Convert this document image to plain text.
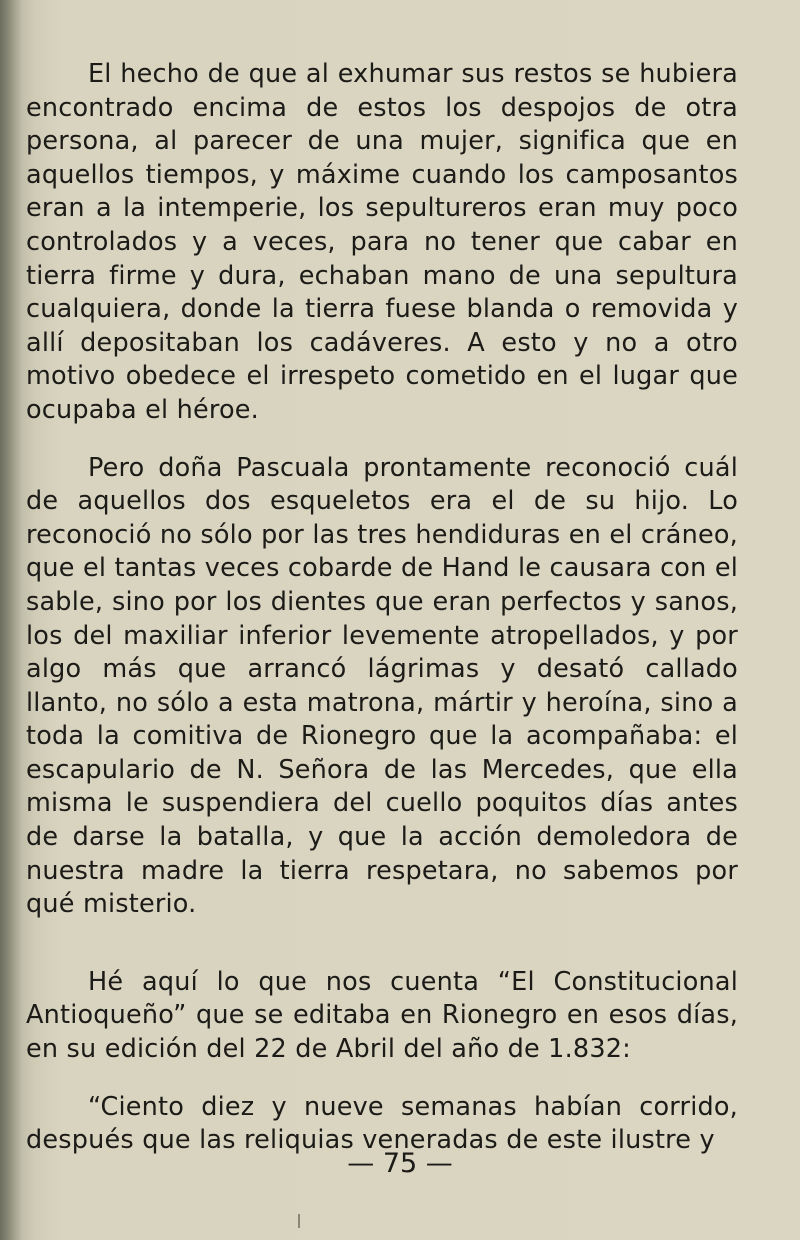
El hecho de que al exhumar sus restos se hubiera encontrado encima de estos los despojos de otra persona, al parecer de una mujer, significa que en aquellos tiempos, y máxime cuando los camposantos eran a la intemperie, los sepultureros eran muy poco controlados y a veces, para no tener que cabar en tierra firme y dura, echaban mano de una sepultura cualquiera, donde la tierra fuese blanda o removida y allí depositaban los cadáveres. A esto y no a otro motivo obedece el irrespeto cometido en el lugar que ocupaba el héroe.

Pero doña Pascuala prontamente reconoció cuál de aquellos dos esqueletos era el de su hijo. Lo reconoció no sólo por las tres hendiduras en el cráneo, que el tantas veces cobarde de Hand le causara con el sable, sino por los dientes que eran perfectos y sanos, los del maxiliar inferior levemente atropellados, y por algo más que arrancó lágrimas y desató callado llanto, no sólo a esta matrona, mártir y heroína, sino a toda la comitiva de Rionegro que la acompañaba: el escapulario de N. Señora de las Mercedes, que ella misma le suspendiera del cuello poquitos días antes de darse la batalla, y que la acción demoledora de nuestra madre la tierra respetara, no sabemos por qué misterio.

Hé aquí lo que nos cuenta “El Constitucional Antioqueño” que se editaba en Rionegro en esos días, en su edición del 22 de Abril del año de 1.832:

“Ciento diez y nueve semanas habían corrido, después que las reliquias veneradas de este ilustre y

— 75 —
